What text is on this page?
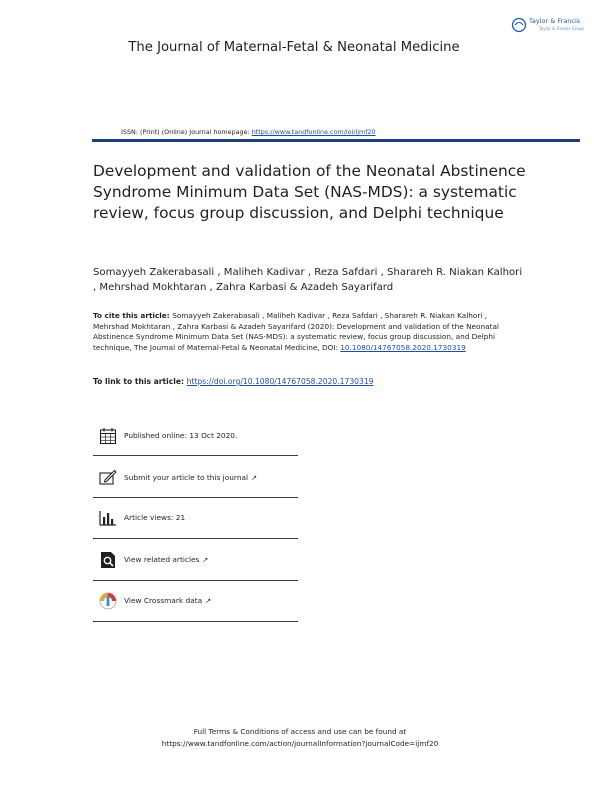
Taylor & Francis
Taylor & Francis Group
The Journal of Maternal-Fetal & Neonatal Medicine
ISSN: (Print) (Online) Journal homepage: https://www.tandfonline.com/loi/ijmf20
Development and validation of the Neonatal Abstinence Syndrome Minimum Data Set (NAS-MDS): a systematic review, focus group discussion, and Delphi technique
Somayyeh Zakerabasali , Maliheh Kadivar , Reza Safdari , Sharareh R. Niakan Kalhori , Mehrshad Mokhtaran , Zahra Karbasi & Azadeh Sayarifard
To cite this article: Somayyeh Zakerabasali , Maliheh Kadivar , Reza Safdari , Sharareh R. Niakan Kalhori , Mehrshad Mokhtaran , Zahra Karbasi & Azadeh Sayarifard (2020): Development and validation of the Neonatal Abstinence Syndrome Minimum Data Set (NAS-MDS): a systematic review, focus group discussion, and Delphi technique, The Journal of Maternal-Fetal & Neonatal Medicine, DOI: 10.1080/14767058.2020.1730319
To link to this article: https://doi.org/10.1080/14767058.2020.1730319
Published online: 13 Oct 2020.
Submit your article to this journal ↗
Article views: 21
View related articles ↗
View Crossmark data ↗
Full Terms & Conditions of access and use can be found at
https://www.tandfonline.com/action/journalInformation?journalCode=ijmf20
